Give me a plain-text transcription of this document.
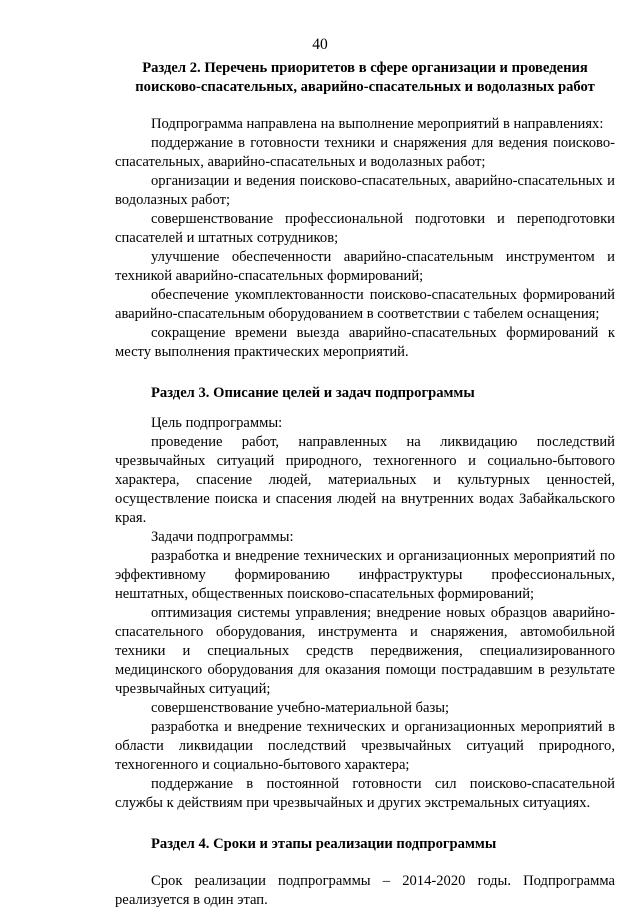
40

Раздел 2. Перечень приоритетов в сфере организации и проведения поисково-спасательных, аварийно-спасательных и водолазных работ

Подпрограмма направлена на выполнение мероприятий в направлениях:

поддержание в готовности техники и снаряжения для ведения поисково-спасательных, аварийно-спасательных и водолазных работ;

организации и ведения поисково-спасательных, аварийно-спасательных и водолазных работ;

совершенствование профессиональной подготовки и переподготовки спасателей и штатных сотрудников;

улучшение обеспеченности аварийно-спасательным инструментом и техникой аварийно-спасательных формирований;

обеспечение укомплектованности поисково-спасательных формирований аварийно-спасательным оборудованием в соответствии с табелем оснащения;

сокращение времени выезда аварийно-спасательных формирований к месту выполнения практических мероприятий.

Раздел 3. Описание целей и задач подпрограммы

Цель подпрограммы:

проведение работ, направленных на ликвидацию последствий чрезвычайных ситуаций природного, техногенного и социально-бытового характера, спасение людей, материальных и культурных ценностей, осуществление поиска и спасения людей на внутренних водах Забайкальского края.

Задачи подпрограммы:

разработка и внедрение технических и организационных мероприятий по эффективному формированию инфраструктуры профессиональных, нештатных, общественных поисково-спасательных формирований;

оптимизация системы управления; внедрение новых образцов аварийно-спасательного оборудования, инструмента и снаряжения, автомобильной техники и специальных средств передвижения, специализированного медицинского оборудования для оказания помощи пострадавшим в результате чрезвычайных ситуаций;

совершенствование учебно-материальной базы;

разработка и внедрение технических и организационных мероприятий в области ликвидации последствий чрезвычайных ситуаций природного, техногенного и социально-бытового характера;

поддержание в постоянной готовности сил поисково-спасательной службы к действиям при чрезвычайных и других экстремальных ситуациях.

Раздел 4. Сроки и этапы реализации подпрограммы

Срок реализации подпрограммы – 2014-2020 годы. Подпрограмма реализуется в один этап.
